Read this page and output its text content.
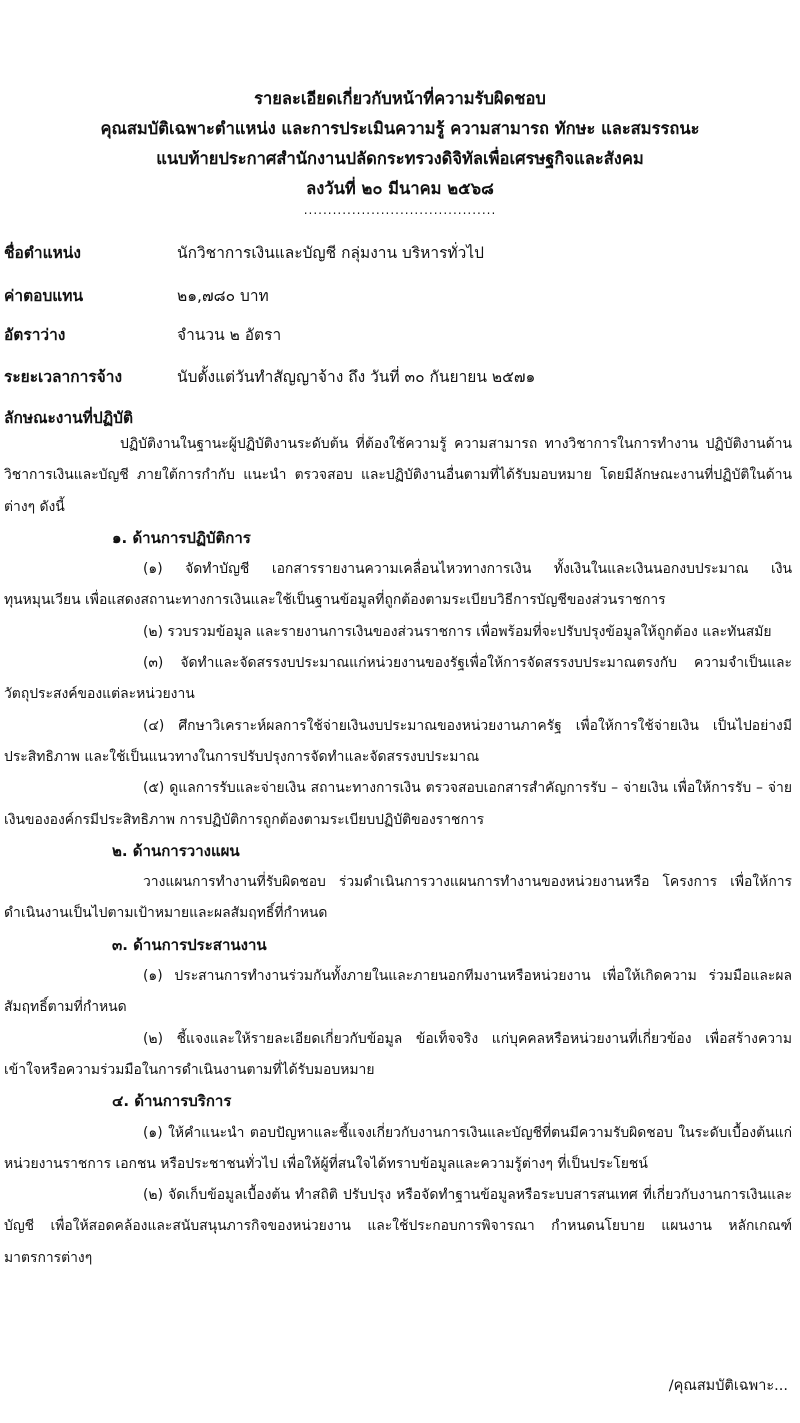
รายละเอียดเกี่ยวกับหน้าที่ความรับผิดชอบ
คุณสมบัติเฉพาะตำแหน่ง และการประเมินความรู้ ความสามารถ ทักษะ และสมรรถนะ
แนบท้ายประกาศสำนักงานปลัดกระทรวงดิจิทัลเพื่อเศรษฐกิจและสังคม
ลงวันที่ ๒๐ มีนาคม ๒๕๖๘
........................................
ชื่อตำแหน่ง	นักวิชาการเงินและบัญชี กลุ่มงาน บริหารทั่วไป
ค่าตอบแทน	๒๑,๗๘๐ บาท
อัตราว่าง	จำนวน ๒ อัตรา
ระยะเวลาการจ้าง	นับตั้งแต่วันทำสัญญาจ้าง ถึง วันที่ ๓๐ กันยายน ๒๕๗๑
ลักษณะงานที่ปฏิบัติ

ปฏิบัติงานในฐานะผู้ปฏิบัติงานระดับต้น ที่ต้องใช้ความรู้ ความสามารถ ทางวิชาการในการทำงาน ปฏิบัติงานด้านวิชาการเงินและบัญชี ภายใต้การกำกับ แนะนำ ตรวจสอบ และปฏิบัติงานอื่นตามที่ได้รับมอบหมาย โดยมีลักษณะงานที่ปฏิบัติในด้านต่างๆ ดังนี้

๑. ด้านการปฏิบัติการ

(๑) จัดทำบัญชี เอกสารรายงานความเคลื่อนไหวทางการเงิน ทั้งเงินในและเงินนอกงบประมาณ เงินทุนหมุนเวียน เพื่อแสดงสถานะทางการเงินและใช้เป็นฐานข้อมูลที่ถูกต้องตามระเบียบวิธีการบัญชีของส่วนราชการ

(๒) รวบรวมข้อมูล และรายงานการเงินของส่วนราชการ เพื่อพร้อมที่จะปรับปรุงข้อมูลให้ถูกต้อง และทันสมัย

(๓) จัดทำและจัดสรรงบประมาณแก่หน่วยงานของรัฐเพื่อให้การจัดสรรงบประมาณตรงกับ ความจำเป็นและวัตถุประสงค์ของแต่ละหน่วยงาน

(๔) ศึกษาวิเคราะห์ผลการใช้จ่ายเงินงบประมาณของหน่วยงานภาครัฐ เพื่อให้การใช้จ่ายเงิน เป็นไปอย่างมีประสิทธิภาพ และใช้เป็นแนวทางในการปรับปรุงการจัดทำและจัดสรรงบประมาณ

(๕) ดูแลการรับและจ่ายเงิน สถานะทางการเงิน ตรวจสอบเอกสารสำคัญการรับ – จ่ายเงิน เพื่อให้การรับ – จ่ายเงินขององค์กรมีประสิทธิภาพ การปฏิบัติการถูกต้องตามระเบียบปฏิบัติของราชการ

๒. ด้านการวางแผน

วางแผนการทำงานที่รับผิดชอบ ร่วมดำเนินการวางแผนการทำงานของหน่วยงานหรือ โครงการ เพื่อให้การดำเนินงานเป็นไปตามเป้าหมายและผลสัมฤทธิ์ที่กำหนด

๓. ด้านการประสานงาน

(๑) ประสานการทำงานร่วมกันทั้งภายในและภายนอกทีมงานหรือหน่วยงาน เพื่อให้เกิดความ ร่วมมือและผลสัมฤทธิ์ตามที่กำหนด

(๒) ชี้แจงและให้รายละเอียดเกี่ยวกับข้อมูล ข้อเท็จจริง แก่บุคคลหรือหน่วยงานที่เกี่ยวข้อง เพื่อสร้างความเข้าใจหรือความร่วมมือในการดำเนินงานตามที่ได้รับมอบหมาย

๔. ด้านการบริการ

(๑) ให้คำแนะนำ ตอบปัญหาและชี้แจงเกี่ยวกับงานการเงินและบัญชีที่ตนมีความรับผิดชอบ ในระดับเบื้องต้นแก่หน่วยงานราชการ เอกชน หรือประชาชนทั่วไป เพื่อให้ผู้ที่สนใจได้ทราบข้อมูลและความรู้ต่างๆ ที่เป็นประโยชน์

(๒) จัดเก็บข้อมูลเบื้องต้น ทำสถิติ ปรับปรุง หรือจัดทำฐานข้อมูลหรือระบบสารสนเทศ ที่เกี่ยวกับงานการเงินและบัญชี เพื่อให้สอดคล้องและสนับสนุนภารกิจของหน่วยงาน และใช้ประกอบการพิจารณา กำหนดนโยบาย แผนงาน หลักเกณฑ์ มาตรการต่างๆ

/คุณสมบัติเฉพาะ...
